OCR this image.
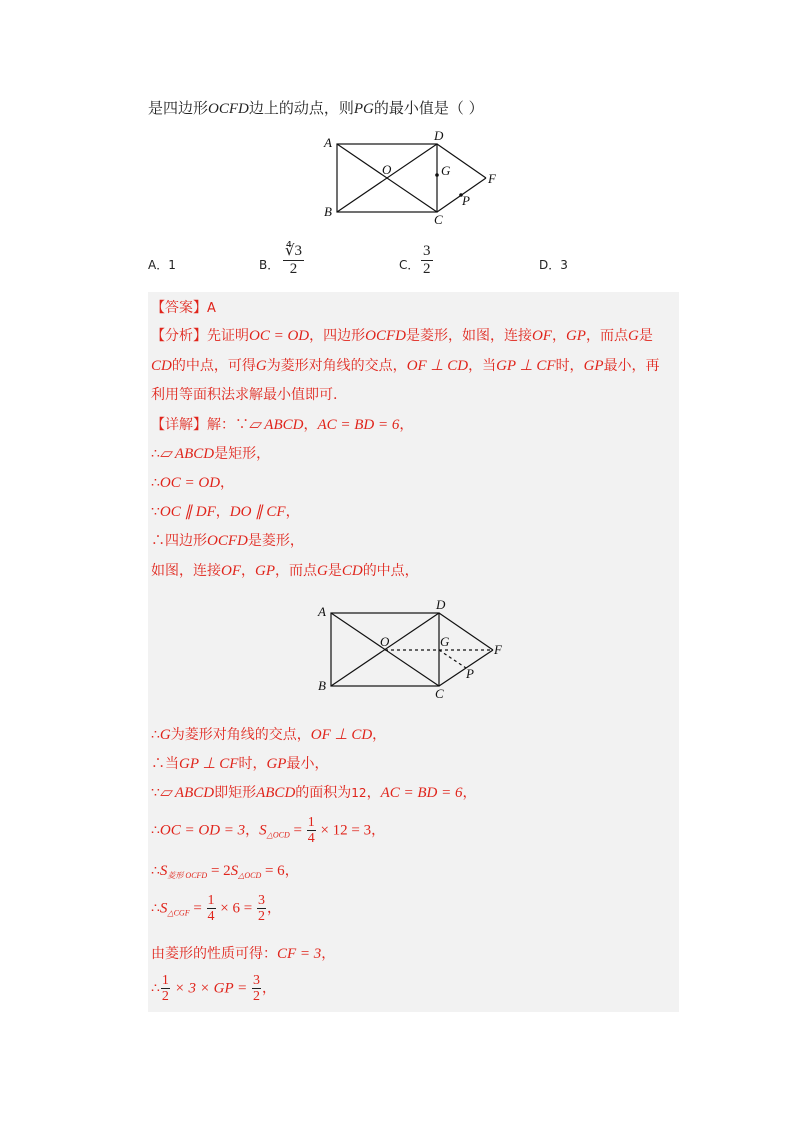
是四边形OCFD边上的动点，则PG的最小值是（ ）
A
B
C
D
O	G
F
P
A．1	B． $\frac{∜3}{2}$	C． $\frac{3}{2}$	D．3
【答案】A
【分析】先证明OC = OD，四边形OCFD是菱形，如图，连接OF，GP，而点G是
CD的中点，可得G为菱形对角线的交点，OF ⊥ CD，当GP ⊥ CF时，GP最小，再
利用等面积法求解最小值即可.
【详解】解：∵▱ ABCD，AC = BD = 6，
∴▱ ABCD是矩形，
∴OC = OD，
∵OC ∥ DF，DO ∥ CF，
∴四边形OCFD是菱形，
如图，连接OF，GP，而点G是CD的中点，
A
B
C
D
O	G
F
P
∴G为菱形对角线的交点，OF ⊥ CD，
∴当GP ⊥ CF时，GP最小，
∵▱ ABCD即矩形ABCD的面积为12，AC = BD = 6，
∴OC = OD = 3，$S_{\triangle OCD} = \frac{1}{4} \times 12 = 3$，
$\therefore S_{菱形 OCFD} = 2S_{\triangle OCD} = 6$，
$\therefore S_{\triangle CGF} = \frac{1}{4} \times 6 = \frac{3}{2}$ ，
由菱形的性质可得：CF = 3，
∴ $\frac{1}{2} \times 3$ × GP = $\frac{3}{2}$ ，
